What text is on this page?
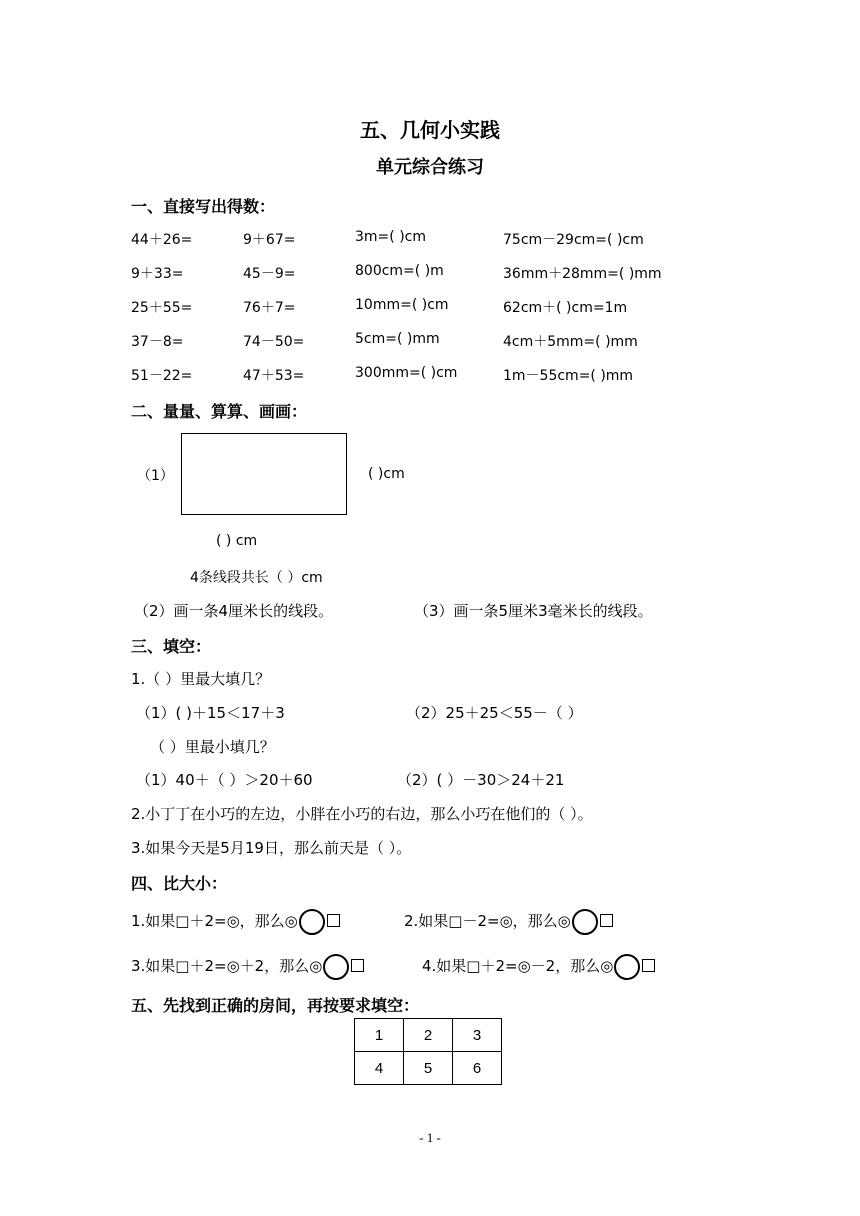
五、几何小实践
单元综合练习
一、直接写出得数：
44＋26=	9＋67=	3m=( )cm	75cm－29cm=( )cm
9＋33=	45－9=	800cm=( )m	36mm＋28mm=( )mm
25＋55=	76＋7=	10mm=( )cm	62cm＋( )cm=1m
37－8=	74－50=	5cm=( )mm	4cm＋5mm=( )mm
51－22=	47＋53=	300mm=( )cm	1m－55cm=( )mm
二、量量、算算、画画：
（1）	( )cm
( ) cm
4条线段共长（ ）cm
（2）画一条4厘米长的线段。	（3）画一条5厘米3毫米长的线段。
三、填空：
1.（ ）里最大填几？
（1）( )＋15＜17＋3	（2）25＋25＜55－（ ）
（ ）里最小填几？
（1）40＋（ ）＞20＋60	（2）( ）－30＞24＋21
2.小丁丁在小巧的左边，小胖在小巧的右边，那么小巧在他们的（ ）。
3.如果今天是5月19日，那么前天是（ ）。
四、比大小：
1.如果□＋2=◎，那么◎	2.如果□－2=◎，那么◎
3.如果□＋2=◎＋2，那么◎	4.如果□＋2=◎－2，那么◎
五、先找到正确的房间，再按要求填空：
1	2	3
4	5	6
- 1 -
